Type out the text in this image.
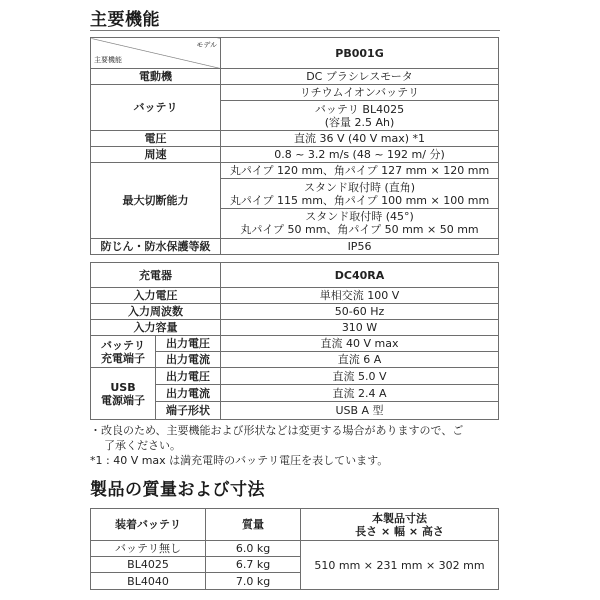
主要機能
モデル
主要機能	PB001G
電動機	DC ブラシレスモータ
バッテリ	リチウムイオンバッテリ

	バッテリ BL4025
(容量 2.5 Ah)

電圧	直流 36 V (40 V max) *1
周速	0.8 ~ 3.2 m/s (48 ~ 192 m/ 分)
最大切断能力	丸パイプ 120 mm、角パイプ 127 mm × 120 mm

	スタンド取付時 (直角)
丸パイプ 115 mm、角パイプ 100 mm × 100 mm

	スタンド取付時 (45°)
丸パイプ 50 mm、角パイプ 50 mm × 50 mm

防じん・防水保護等級	IP56
充電器		DC40RA
入力電圧		単相交流 100 V
入力周波数		50-60 Hz
入力容量		310 W

バッテリ
充電端子	出力電圧	直流 40 V max
	出力電流	直流 6 A

USB
電源端子	出力電圧	直流 5.0 V
	出力電流	直流 2.4 A
	端子形状	USB A 型

・改良のため、主要機能および形状などは変更する場合がありますので、ご

了承ください。

*1 : 40 V max は満充電時のバッテリ電圧を表しています。

製品の質量および寸法
装着バッテリ	質量	本製品寸法
長さ × 幅 × 高さ

バッテリ無し	6.0 kg	510 mm × 231 mm × 302 mm
BL4025	6.7 kg	
BL4040	7.0 kg	
